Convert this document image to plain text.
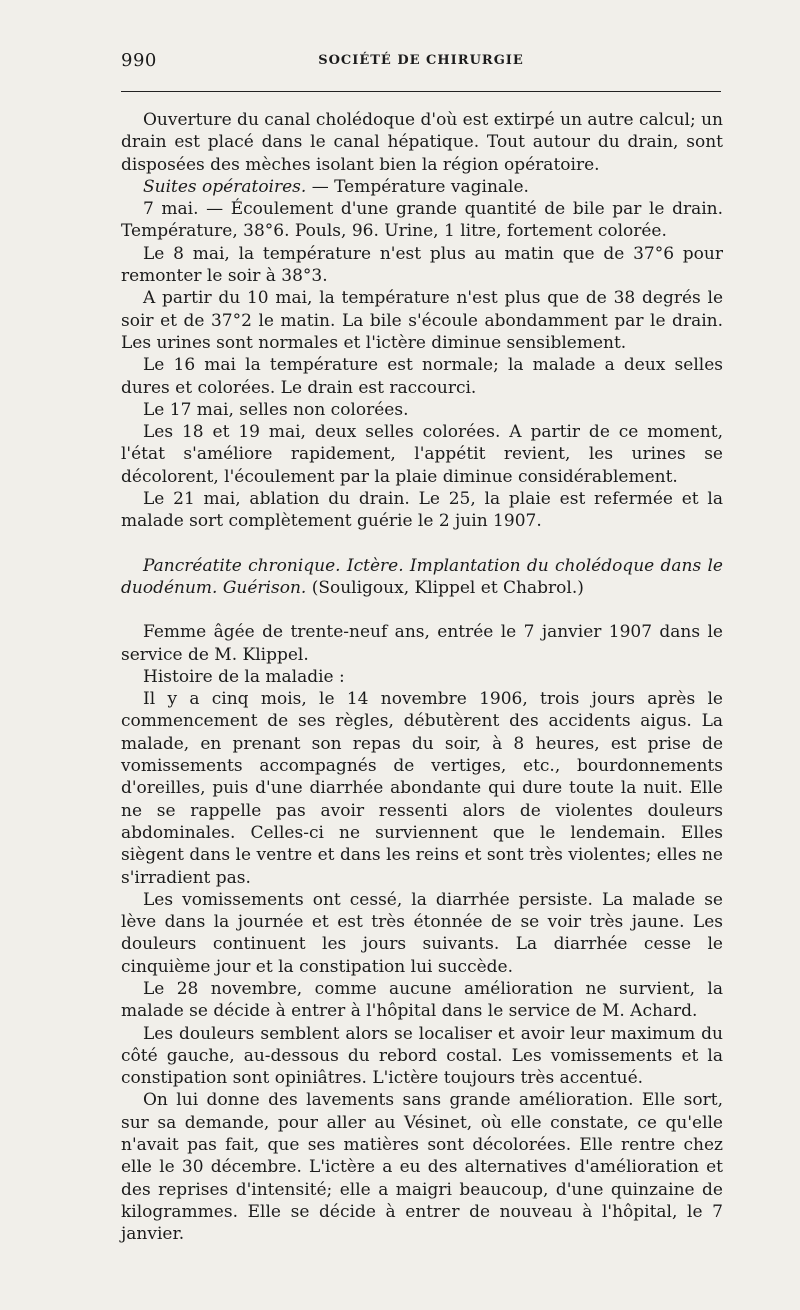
990	SOCIÉTÉ DE CHIRURGIE

Ouverture du canal cholédoque d'où est extirpé un autre calcul; un drain est placé dans le canal hépatique. Tout autour du drain, sont disposées des mèches isolant bien la région opératoire.

Suites opératoires. — Température vaginale.

7 mai. — Écoulement d'une grande quantité de bile par le drain. Température, 38°6. Pouls, 96. Urine, 1 litre, fortement colorée.

Le 8 mai, la température n'est plus au matin que de 37°6 pour remonter le soir à 38°3.

A partir du 10 mai, la température n'est plus que de 38 degrés le soir et de 37°2 le matin. La bile s'écoule abondamment par le drain. Les urines sont normales et l'ictère diminue sensiblement.

Le 16 mai la température est normale; la malade a deux selles dures et colorées. Le drain est raccourci.

Le 17 mai, selles non colorées.

Les 18 et 19 mai, deux selles colorées. A partir de ce moment, l'état s'améliore rapidement, l'appétit revient, les urines se décolorent, l'écoulement par la plaie diminue considérablement.

Le 21 mai, ablation du drain. Le 25, la plaie est refermée et la malade sort complètement guérie le 2 juin 1907.

Pancréatite chronique. Ictère. Implantation du cholédoque dans le duodénum. Guérison. (Souligoux, Klippel et Chabrol.)

Femme âgée de trente-neuf ans, entrée le 7 janvier 1907 dans le service de M. Klippel.

Histoire de la maladie :

Il y a cinq mois, le 14 novembre 1906, trois jours après le commencement de ses règles, débutèrent des accidents aigus. La malade, en prenant son repas du soir, à 8 heures, est prise de vomissements accompagnés de vertiges, etc., bourdonnements d'oreilles, puis d'une diarrhée abondante qui dure toute la nuit. Elle ne se rappelle pas avoir ressenti alors de violentes douleurs abdominales. Celles-ci ne surviennent que le lendemain. Elles siègent dans le ventre et dans les reins et sont très violentes; elles ne s'irradient pas.

Les vomissements ont cessé, la diarrhée persiste. La malade se lève dans la journée et est très étonnée de se voir très jaune. Les douleurs continuent les jours suivants. La diarrhée cesse le cinquième jour et la constipation lui succède.

Le 28 novembre, comme aucune amélioration ne survient, la malade se décide à entrer à l'hôpital dans le service de M. Achard.

Les douleurs semblent alors se localiser et avoir leur maximum du côté gauche, au-dessous du rebord costal. Les vomissements et la constipation sont opiniâtres. L'ictère toujours très accentué.

On lui donne des lavements sans grande amélioration. Elle sort, sur sa demande, pour aller au Vésinet, où elle constate, ce qu'elle n'avait pas fait, que ses matières sont décolorées. Elle rentre chez elle le 30 décembre. L'ictère a eu des alternatives d'amélioration et des reprises d'intensité; elle a maigri beaucoup, d'une quinzaine de kilogrammes. Elle se décide à entrer de nouveau à l'hôpital, le 7 janvier.
